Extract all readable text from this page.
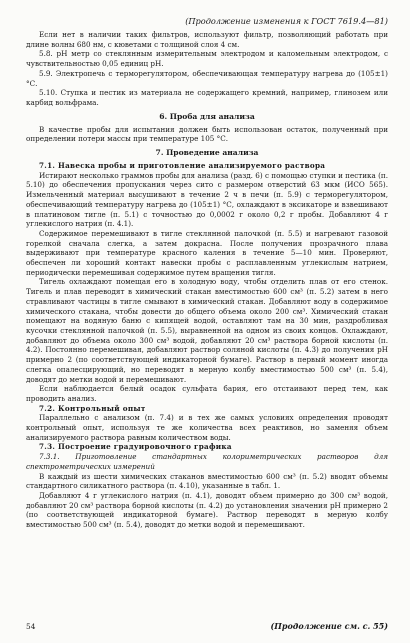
(Продолжение изменения к ГОСТ 7619.4—81)

Если нет в наличии таких фильтров, используют фильтр, позволяющий работать при длине волны 680 нм, с кюветами с толщиной слоя 4 см.

5.8. рН метр со стеклянным измерительным электродом и каломельным электродом, с чувствительностью 0,05 единиц рН.

5.9. Электропечь с терморегулятором, обеспечивающая температуру нагрева до (105±1) °С.

5.10. Ступка и пестик из материала не содержащего кремний, например, глинозем или карбид вольфрама.

6. Проба для анализа

В качестве пробы для испытания должен быть использован остаток, полученный при определении потери массы при температуре 105 °С.

7. Проведение анализа

7.1. Навеска пробы и приготовление анализируемого раствора

Истирают несколько граммов пробы для анализа (разд. 6) с помощью ступки и пестика (п. 5.10) до обеспечения пропускания через сито с размером отверстий 63 мкм (ИСО 565). Измельченный материал высушивают в течение 2 ч в печи (п. 5.9) с терморегулятором, обеспечивающий температуру нагрева до (105±1) °С, охлаждают в эксикаторе и взвешивают в платиновом тигле (п. 5.1) с точностью до 0,0002 г около 0,2 г пробы. Добавляют 4 г углекислого натрия (п. 4.1).

Содержимое перемешивают в тигле стеклянной палочкой (п. 5.5) и нагревают газовой горелкой сначала слегка, а затем докрасна. После получения прозрачного плава выдерживают при температуре красного каления в течение 5—10 мин. Проверяют, обеспечен ли хороший контакт навески пробы с расплавленным углекислым натрием, периодически перемешивая содержимое путем вращения тигля.

Тигель охлаждают помещая его в холодную воду, чтобы отделить плав от его стенок. Тигель и плав переводят в химический стакан вместимостью 600 см³ (п. 5.2) затем в него стравливают частицы в тигле смывают в химический стакан. Добавляют воду в содержимое химического стакана, чтобы довести до общего объема около 200 см³. Химический стакан помещают на водяную баню с кипящей водой, оставляют там на 30 мин, раздробливая кусочки стеклянной палочкой (п. 5.5), выравненной на одном из своих концов. Охлаждают, добавляют до объема около 300 см³ водой, добавляют 20 см³ раствора борной кислоты (п. 4.2). Постоянно перемешивая, добавляют раствор соляной кислоты (п. 4.3) до получения рН примерно 2 (по соответствующей индикаторной бумаге). Раствор в первый момент иногда слегка опалесцирующий, но переводят в мерную колбу вместимостью 500 см³ (п. 5.4), доводят до метки водой и перемешивают.

Если наблюдается белый осадок сульфата бария, его отстаивают перед тем, как проводить анализ.

7.2. Контрольный опыт

Параллельно с анализом (п. 7.4) и в тех же самых условиях определения проводят контрольный опыт, используя те же количества всех реактивов, но заменяя объем анализируемого раствора равным количеством воды.

7.3. Построение градуировочного графика

7.3.1. Приготовление стандартных колориметрических растворов для спектрометрических измерений

В каждый из шести химических стаканов вместимостью 600 см³ (п. 5.2) вводят объемы стандартного силикатного раствора (п. 4.10), указанные в табл. 1.

Добавляют 4 г углекислого натрия (п. 4.1), доводят объем примерно до 300 см³ водой, добавляют 20 см³ раствора борной кислоты (п. 4.2) до установления значения рН примерно 2 (по соответствующей индикаторной бумаге). Раствор переводят в мерную колбу вместимостью 500 см³ (п. 5.4), доводят до метки водой и перемешивают.

54	(Продолжение см. с. 55)
